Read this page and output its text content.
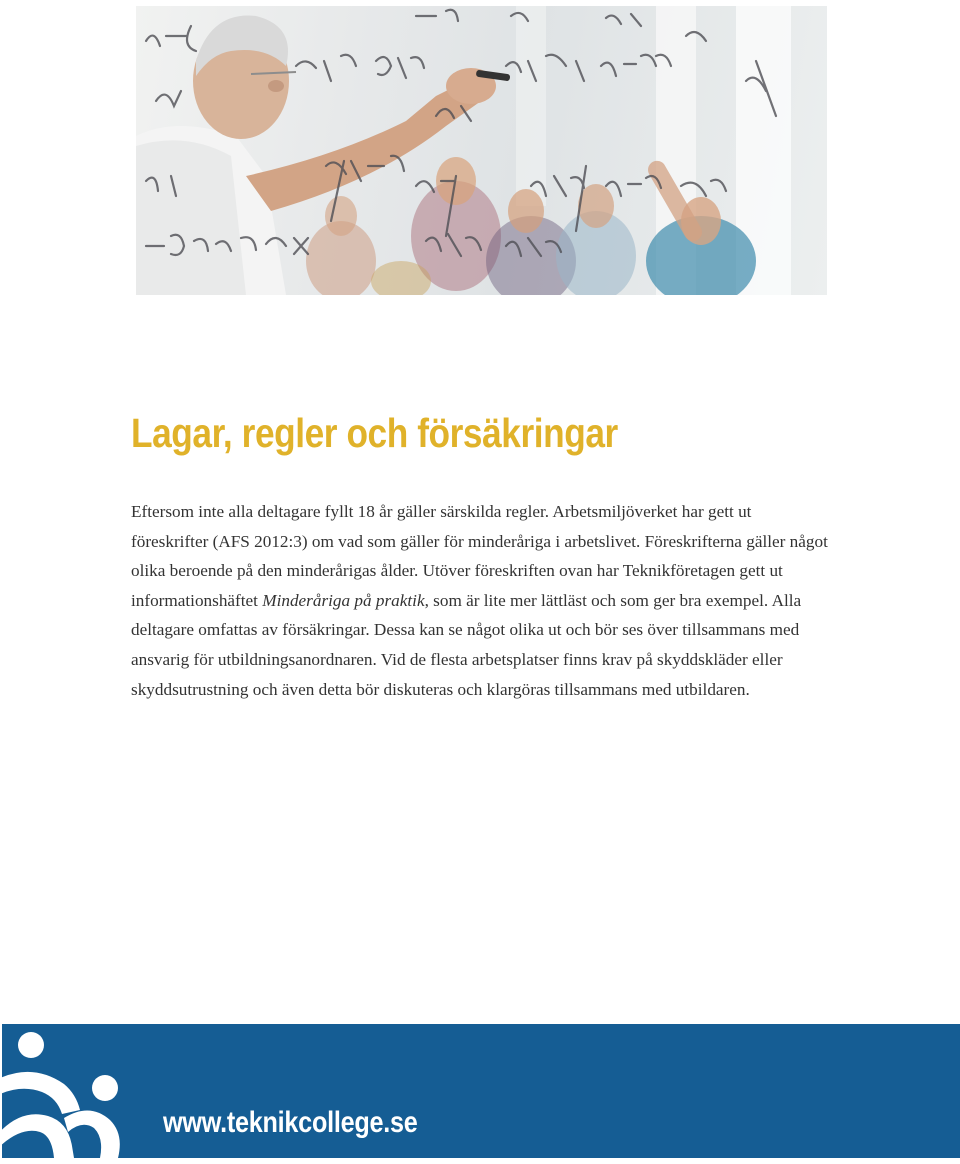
Lagar, regler och försäkringar

Eftersom inte alla deltagare fyllt 18 år gäller särskilda regler. Arbetsmiljöverket har gett ut föreskrifter (AFS 2012:3) om vad som gäller för minderåriga i arbetslivet. Föreskrifterna gäller något olika beroende på den minderårigas ålder. Utöver föreskriften ovan har Teknikföretagen gett ut informationshäftet Minderåriga på praktik, som är lite mer lättläst och som ger bra exempel. Alla deltagare omfattas av försäkringar. Dessa kan se något olika ut och bör ses över tillsammans med ansvarig för utbildningsanordnaren. Vid de flesta arbetsplatser finns krav på skyddskläder eller skyddsutrustning och även detta bör diskuteras och klargöras tillsammans med utbildaren.

www.teknikcollege.se
